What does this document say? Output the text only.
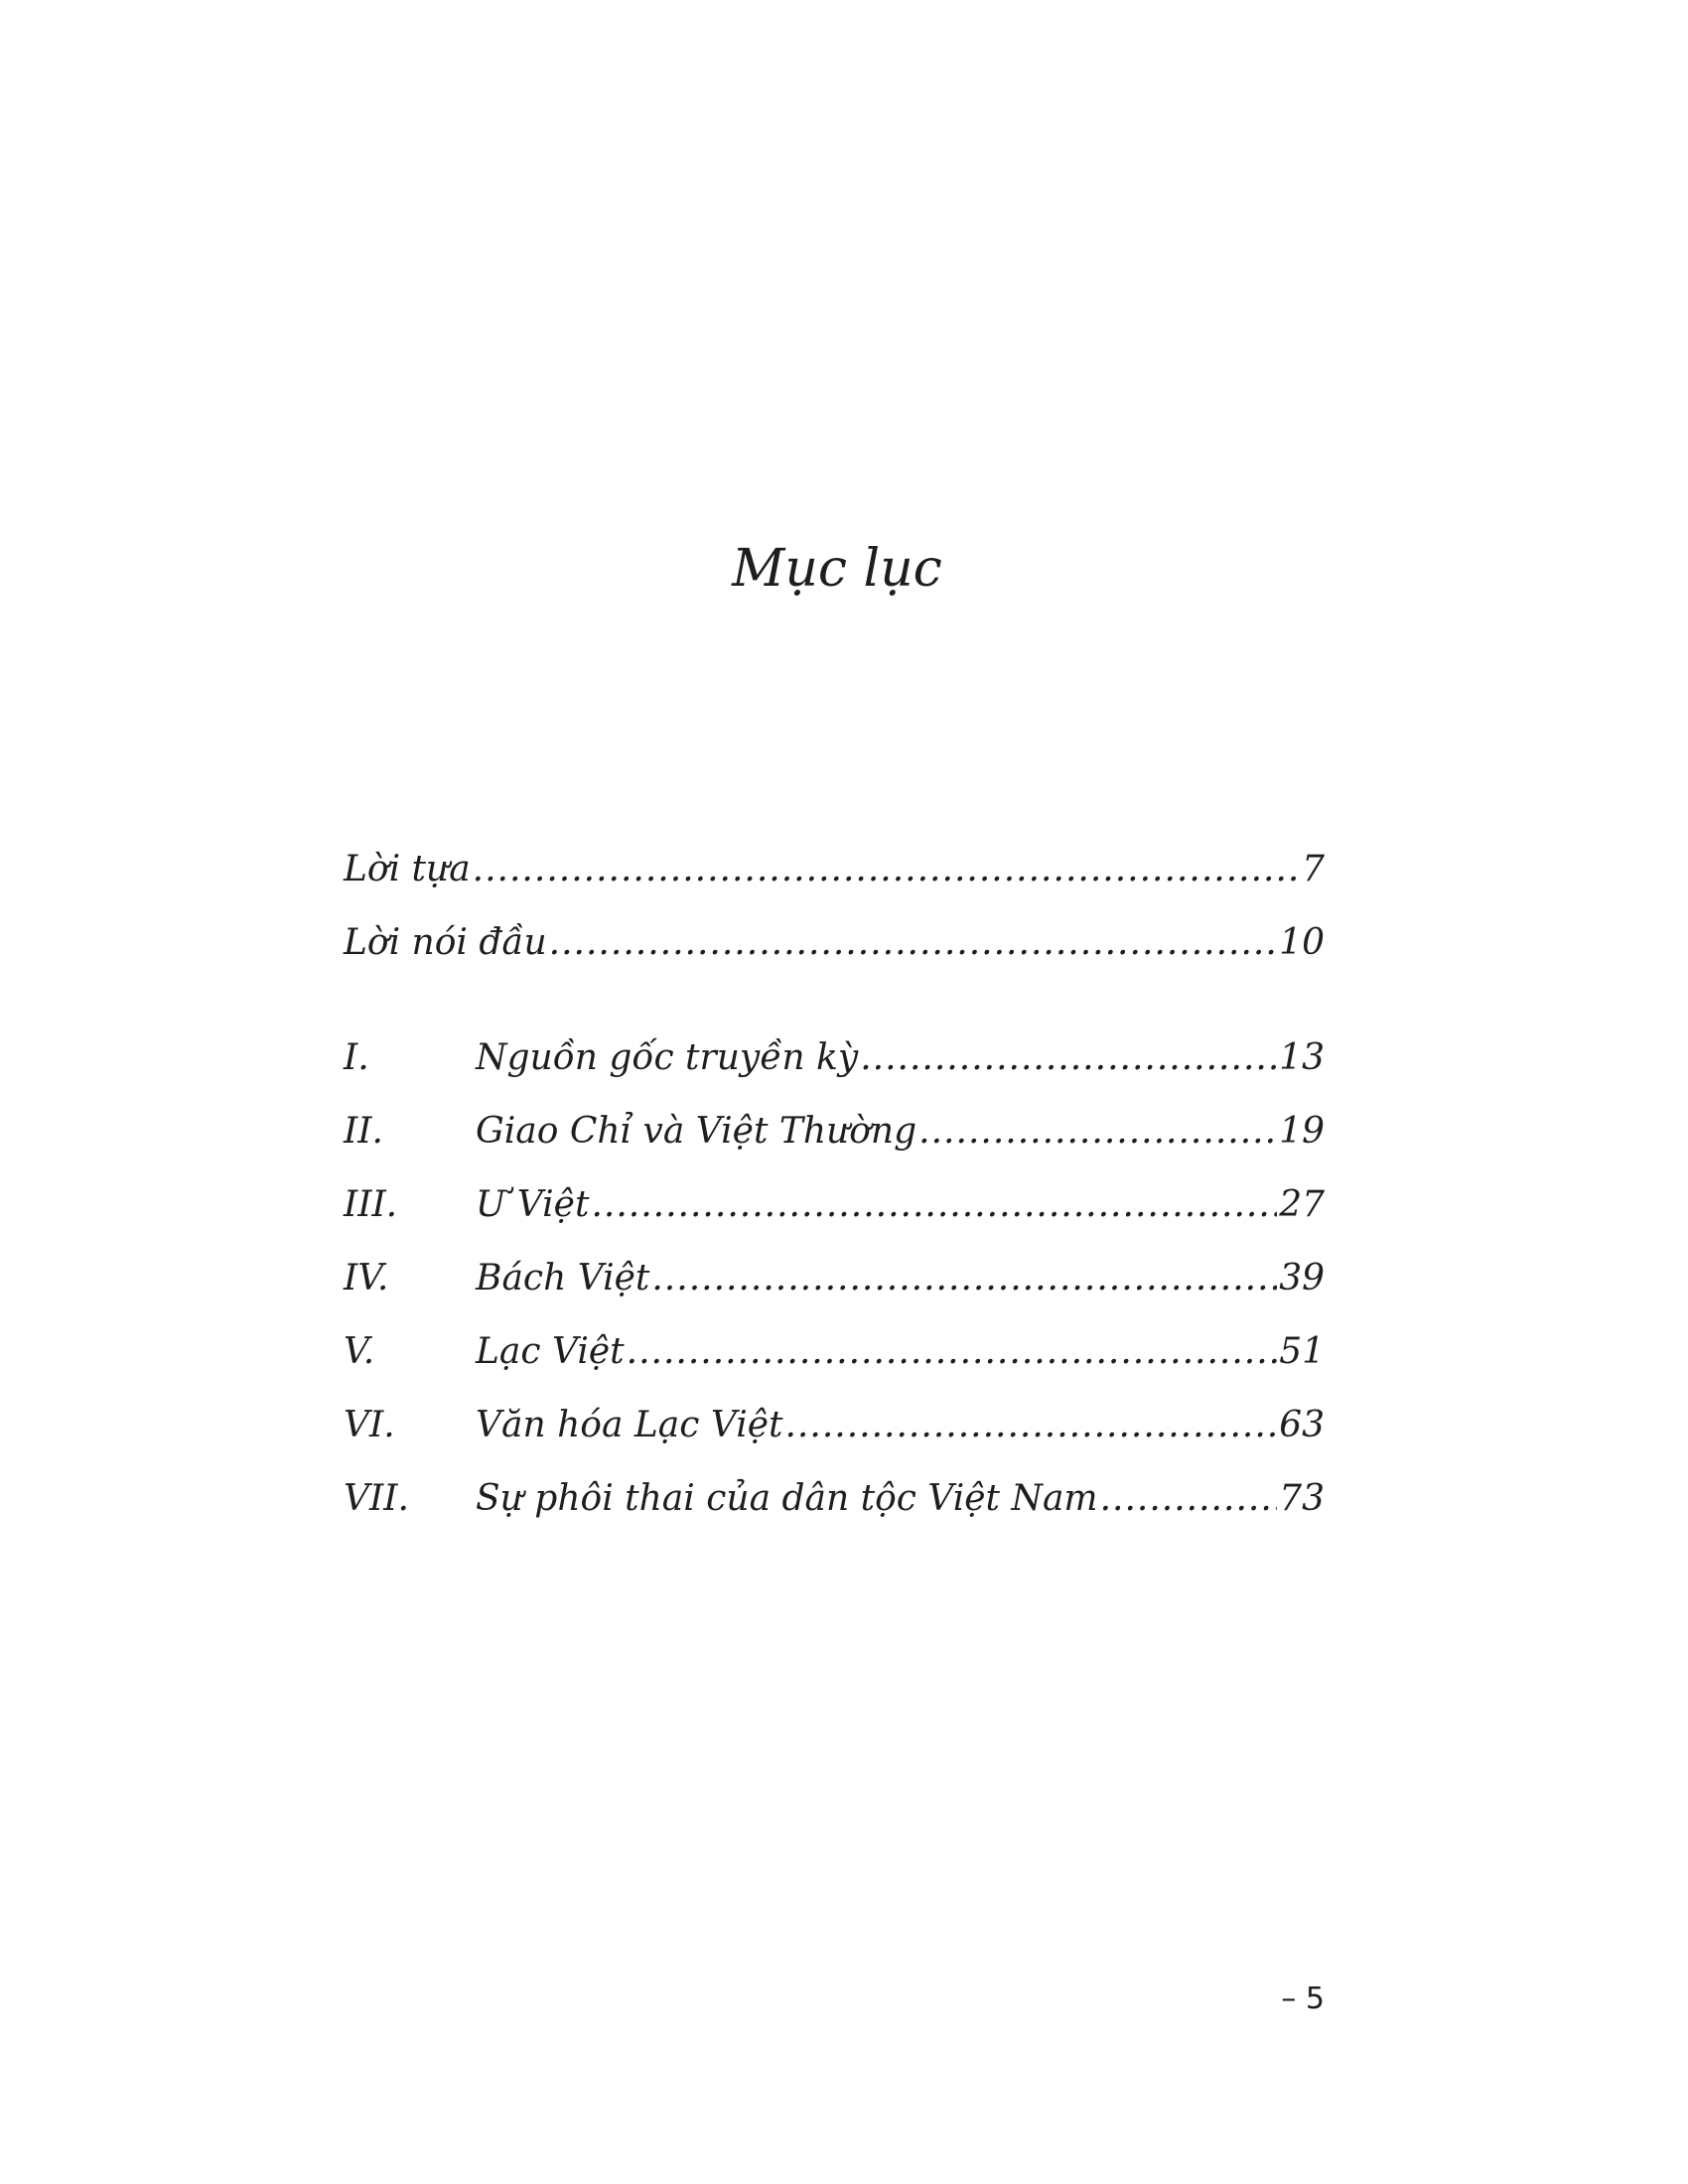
Mục lục
Lời tựa .....	7
Lời nói đầu .....	10
I.	Nguồn gốc truyền kỳ .....	13
II.	Giao Chỉ và Việt Thường .....	19
III.	Ư Việt .....	27
IV.	Bách Việt .....	39
V.	Lạc Việt .....	51
VI.	Văn hóa Lạc Việt .....	63
VII.	Sự phôi thai của dân tộc Việt Nam .....	73
– 5
